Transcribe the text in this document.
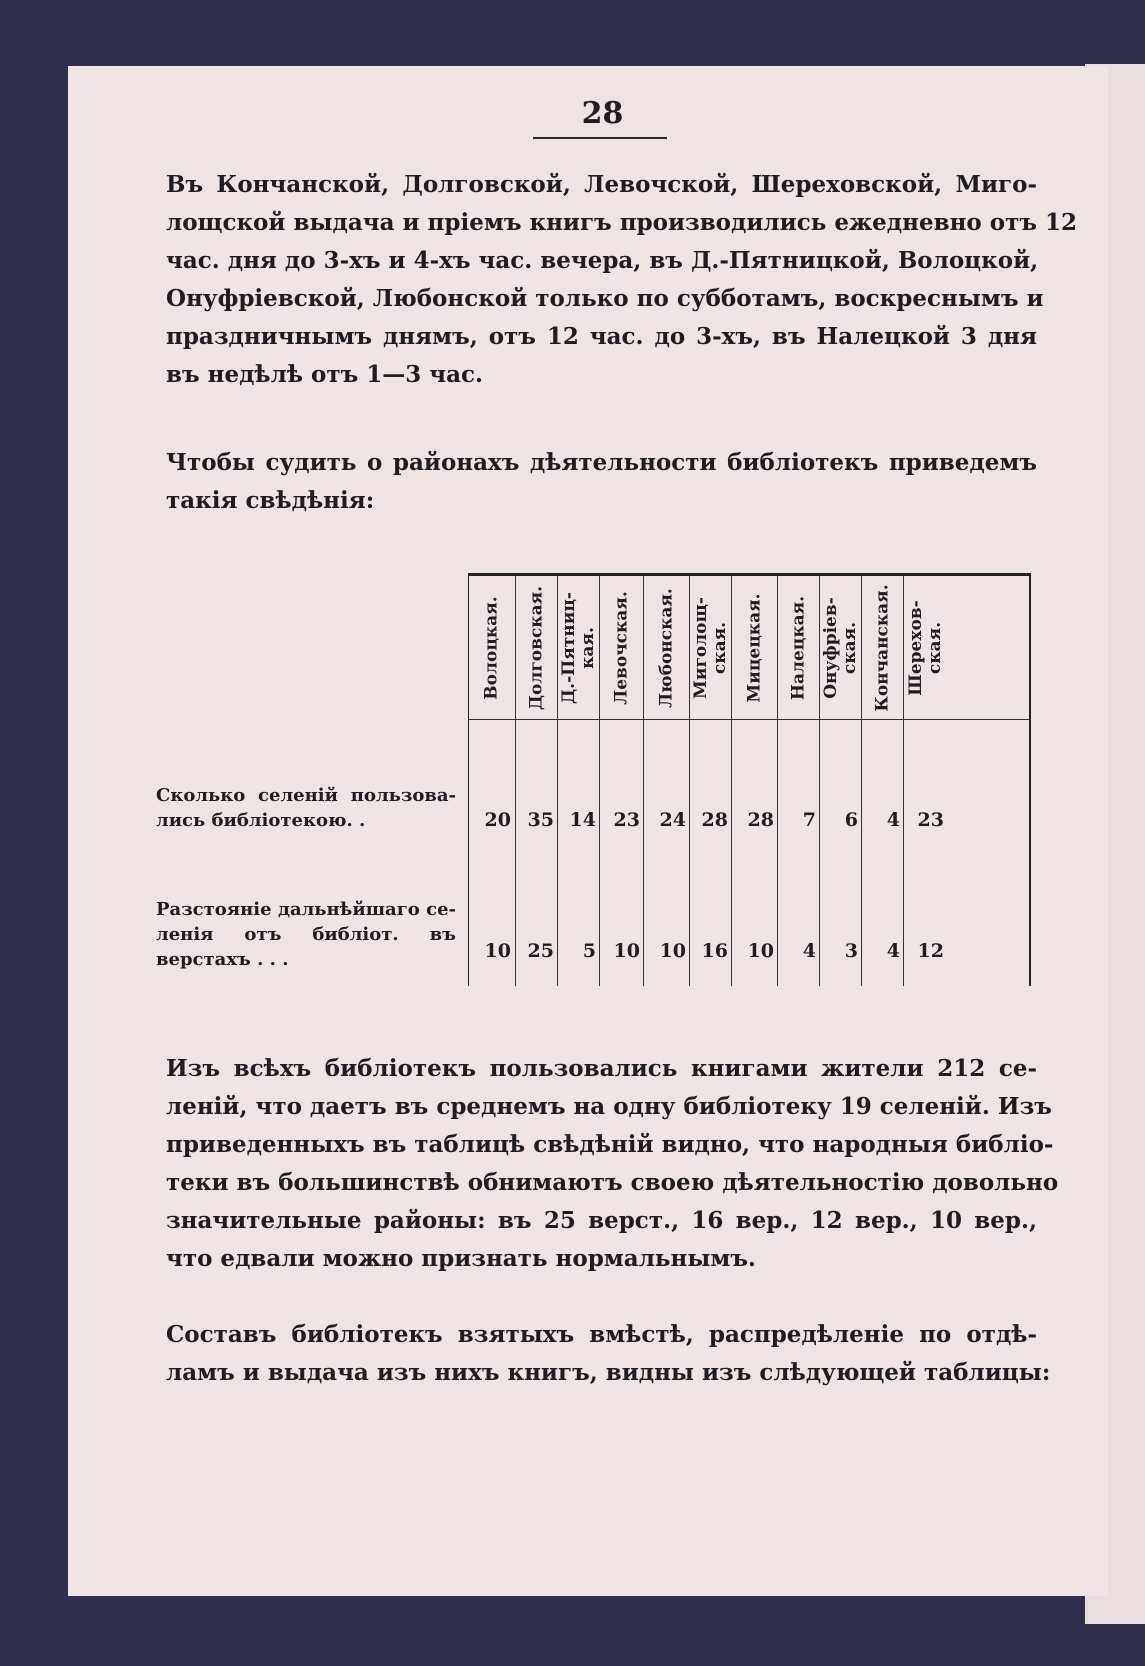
28
Въ Кончанской, Долговской, Левочской, Шереховской, Миго-
лощской выдача и пріемъ книгъ производились ежедневно отъ 12
час. дня до 3-хъ и 4-хъ час. вечера, въ Д.-Пятницкой, Волоцкой,
Онуфріевской, Любонской только по субботамъ, воскреснымъ и
праздничнымъ днямъ, отъ 12 час. до 3-хъ, въ Налецкой 3 дня
въ недѣлѣ отъ 1—3 час.
Чтобы судить о районахъ дѣятельности библіотекъ приведемъ
такія свѣдѣнія:
Волоцкая.
20
10
Долговская.
35
25
Д.-Пятниц-
кая.
14
5
Левочская.
23
10
Любонская.
24
10
Миголощ-
ская.
28
16
Мицецкая.
28
10
Налецкая.
7
4
Онуфріев-
ская.
6
3
Кончанская.
4
4
Шерехов-
ская.
23
12
Сколько селеній пользова-
лись библіотекою. .
Разстояніе дальнѣйшаго се-
ленія отъ библіот. въ
верстахъ . . .
Изъ всѣхъ библіотекъ пользовались книгами жители 212 се-
леній, что даетъ въ среднемъ на одну библіотеку 19 селеній. Изъ
приведенныхъ въ таблицѣ свѣдѣній видно, что народныя библіо-
теки въ большинствѣ обнимаютъ своею дѣятельностію довольно
значительные районы: въ 25 верст., 16 вер., 12 вер., 10 вер.,
что едвали можно признать нормальнымъ.
Составъ библіотекъ взятыхъ вмѣстѣ, распредѣленіе по отдѣ-
ламъ и выдача изъ нихъ книгъ, видны изъ слѣдующей таблицы:
